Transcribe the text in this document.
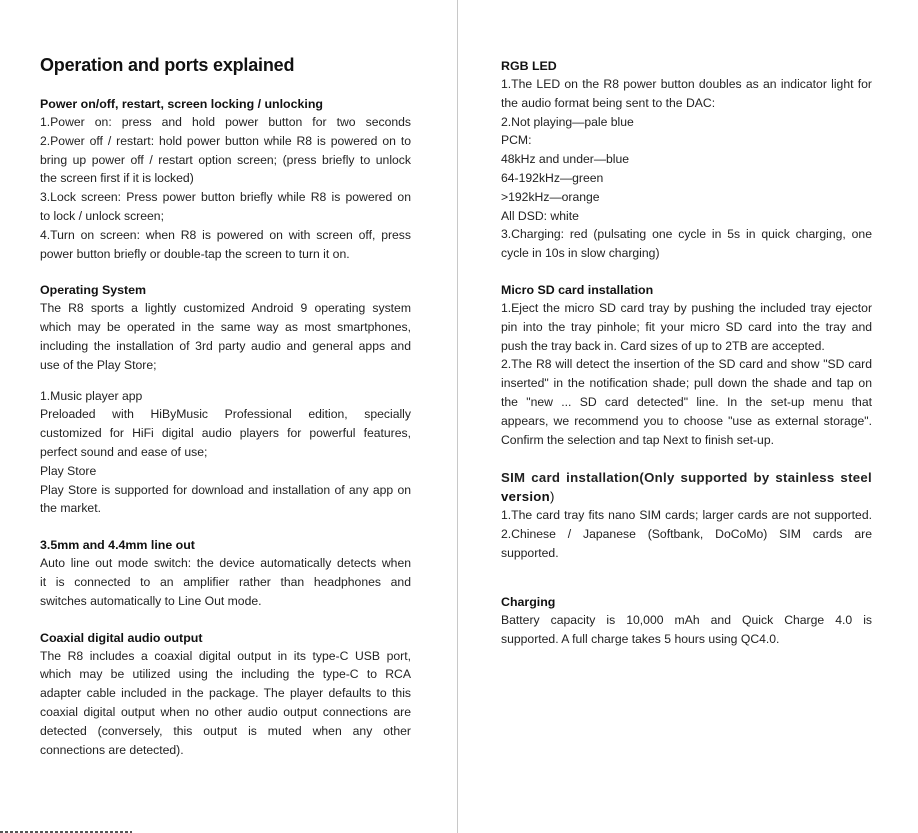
Operation and ports explained

Power on/off, restart, screen locking / unlocking

1.Power on: press and hold power button for two seconds

2.Power off / restart: hold power button while R8 is powered on to

bring up power off / restart option screen; (press briefly to unlock

the screen first if it is locked)

3.Lock screen: Press power button briefly while R8 is powered on

to lock / unlock screen;

4.Turn on screen: when R8 is powered on with screen off, press

power button briefly or double-tap the screen to turn it on.

Operating System

The R8 sports a lightly customized Android 9 operating system

which may be operated in the same way as most smartphones,

including the installation of 3rd party audio and general apps and

use of the Play Store;

1.Music player app

Preloaded with HiByMusic Professional edition, specially

customized for HiFi digital audio players for powerful features,

perfect sound and ease of use;

Play Store

Play Store is supported for download and installation of any app on

the market.

3.5mm and 4.4mm line out

Auto line out mode switch: the device automatically detects when

it is connected to an amplifier rather than headphones and

switches automatically to Line Out mode.

Coaxial digital audio output

The R8 includes a coaxial digital output in its type-C USB port,

which may be utilized using the including the type-C to RCA

adapter cable included in the package. The player defaults to this

coaxial digital output when no other audio output connections are

detected (conversely, this output is muted when any other

connections are detected).

RGB LED

1.The LED on the R8 power button doubles as an indicator light for

the audio format being sent to the DAC:

2.Not playing—pale blue

PCM:

48kHz and under—blue

64-192kHz—green

>192kHz—orange

All DSD: white

3.Charging: red (pulsating one cycle in 5s in quick charging, one

cycle in 10s in slow charging)

Micro SD card installation

1.Eject the micro SD card tray by pushing the included tray ejector

pin into the tray pinhole; fit your micro SD card into the tray and

push the tray back in. Card sizes of up to 2TB are accepted.

2.The R8 will detect the insertion of the SD card and show "SD card

inserted" in the notification shade; pull down the shade and tap on

the "new ... SD card detected" line. In the set-up menu that

appears, we recommend you to choose "use as external storage".

Confirm the selection and tap Next to finish set-up.

SIM card installation(Only supported by stainless steel

version)

1.The card tray fits nano SIM cards; larger cards are not supported.

2.Chinese / Japanese (Softbank, DoCoMo) SIM cards are

supported.

Charging

Battery capacity is 10,000 mAh and Quick Charge 4.0 is

supported. A full charge takes 5 hours using QC4.0.
